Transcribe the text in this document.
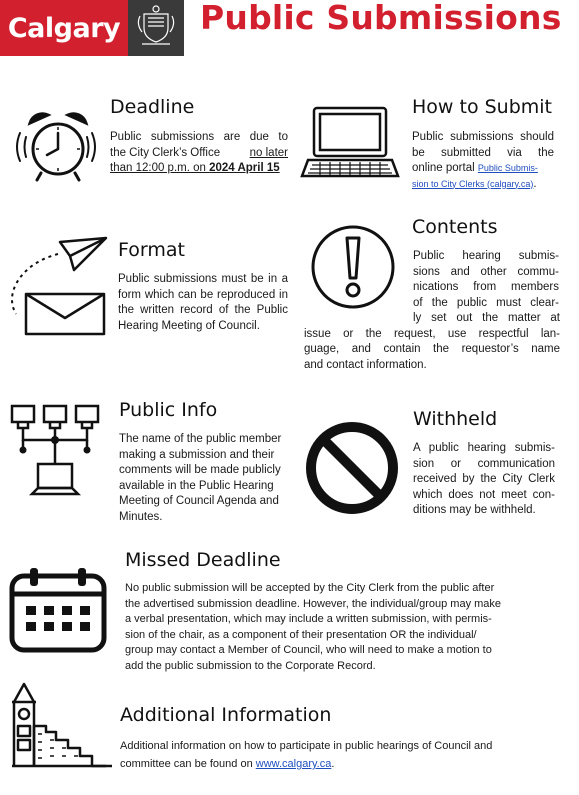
Calgary Public Submissions
Deadline
Public submissions are due to
the City Clerk’s Office	no later
than 12:00 p.m. on 2024 April 15
How to Submit
Public submissions should
be submitted via the
online portal Public Submis-
sion to City Clerks (calgary.ca).
Format
Public submissions must be in a form which can be reproduced in the written record of the Public Hearing Meeting of Council.
Contents
Public hearing submis-
sions and other commu-
nications from members
of the public must clear-
ly set out the matter at
issue or the request, use respectful lan-
guage, and contain the requestor’s name
and contact information.
Public Info
The name of the public member
making a submission and their
comments will be made publicly
available in the Public Hearing
Meeting of Council Agenda and
Minutes.
Withheld
A public hearing submis-
sion or communication
received by the City Clerk
which does not meet con-
ditions may be withheld.
Missed Deadline
No public submission will be accepted by the City Clerk from the public after
the advertised submission deadline. However, the individual/group may make
a verbal presentation, which may include a written submission, with permis-
sion of the chair, as a component of their presentation OR the individual/
group may contact a Member of Council, who will need to make a motion to
add the public submission to the Corporate Record.
Additional Information
Additional information on how to participate in public hearings of Council and
committee can be found on www.calgary.ca.
